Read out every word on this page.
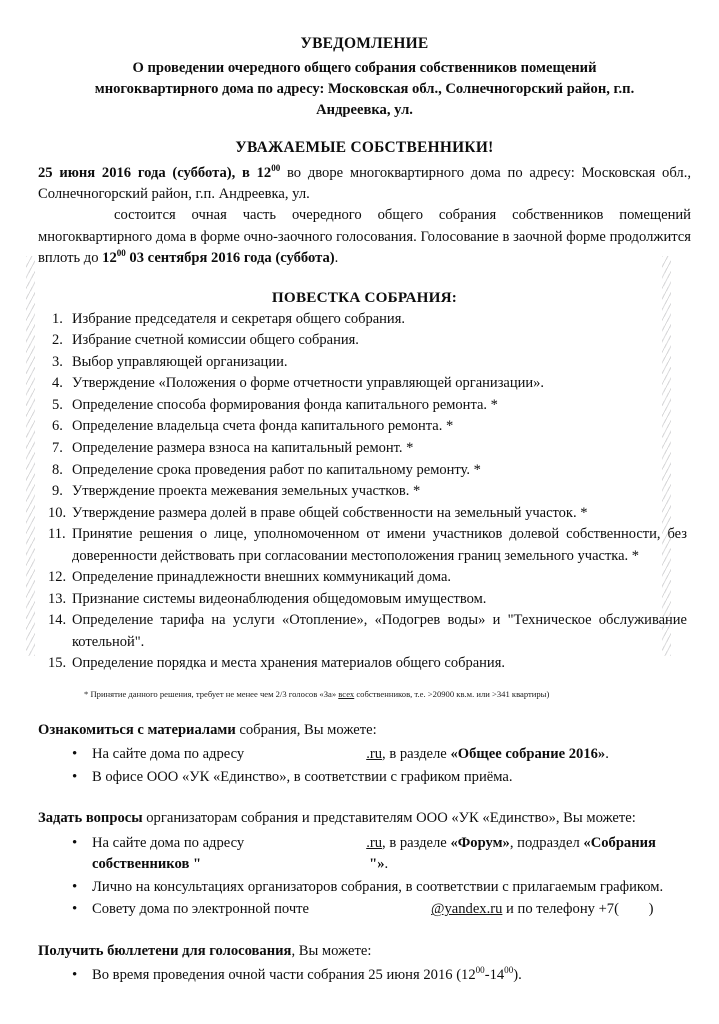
УВЕДОМЛЕНИЕ
О проведении очередного общего собрания собственников помещений
многоквартирного дома по адресу: Московская обл., Солнечногорский район, г.п.
Андреевка, ул.
УВАЖАЕМЫЕ СОБСТВЕННИКИ!

25 июня 2016 года (суббота), в $12^{00}$ во дворе многоквартирного дома по адресу: Московская обл., Солнечногорский район, г.п. Андреевка, ул.

состоится очная часть очередного общего собрания собственников помещений многоквартирного дома в форме очно-заочного голосования. Голосование в заочной форме продолжится вплоть до $12^{00}$ 03 сентября 2016 года (суббота).

ПОВЕСТКА СОБРАНИЯ:
Избрание председателя и секретаря общего собрания.
Избрание счетной комиссии общего собрания.
Выбор управляющей организации.
Утверждение «Положения о форме отчетности управляющей организации».
Определение способа формирования фонда капитального ремонта. *
Определение владельца счета фонда капитального ремонта. *
Определение размера взноса на капитальный ремонт. *
Определение срока проведения работ по капитальному ремонту. *
Утверждение проекта межевания земельных участков. *
Утверждение размера долей в праве общей собственности на земельный участок. *
Принятие решения о лице, уполномоченном от имени участников долевой собственности, без доверенности действовать при согласовании местоположения границ земельного участка. *
Определение принадлежности внешних коммуникаций дома.
Признание системы видеонаблюдения общедомовым имуществом.
Определение тарифа на услуги «Отопление», «Подогрев воды» и "Техническое обслуживание котельной".
Определение порядка и места хранения материалов общего собрания.

* Принятие данного решения, требует не менее чем 2/3 голосов «За» всех собственников, т.е. >20900 кв.м. или >341 квартиры)

Ознакомиться с материалами собрания, Вы можете:

• На сайте дома по адресу	.ru, в разделе «Общее собрание 2016».
• В офисе ООО «УК «Единство», в соответствии с графиком приёма.

Задать вопросы организаторам собрания и представителям ООО «УК «Единство», Вы можете:

• На сайте дома по адресу	.ru, в разделе «Форум», подраздел «Собрания собственников "	"».
• Лично на консультациях организаторов собрания, в соответствии с прилагаемым графиком.
• Совету дома по электронной почте	@yandex.ru и по телефону +7( )

Получить бюллетени для голосования, Вы можете:

• Во время проведения очной части собрания 25 июня 2016 $(12^{00}-14^{00})$.
